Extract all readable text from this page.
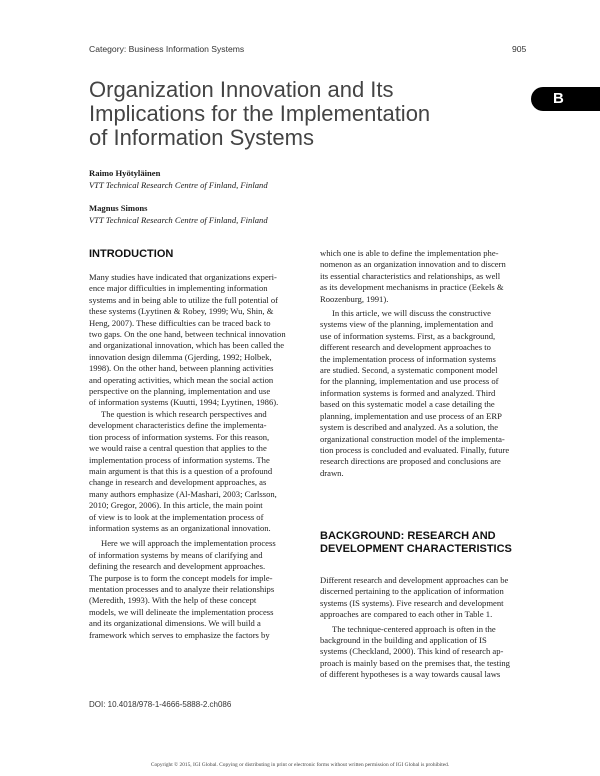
Category: Business Information Systems	905
Organization Innovation and Its
Implications for the Implementation
of Information Systems
B
Raimo Hyötyläinen
VTT Technical Research Centre of Finland, Finland
Magnus Simons
VTT Technical Research Centre of Finland, Finland
INTRODUCTION
Many studies have indicated that organizations experi-
ence major difficulties in implementing information
systems and in being able to utilize the full potential of
these systems (Lyytinen & Robey, 1999; Wu, Shin, &
Heng, 2007). These difficulties can be traced back to
two gaps. On the one hand, between technical innovation
and organizational innovation, which has been called the
innovation design dilemma (Gjerding, 1992; Holbek,
1998). On the other hand, between planning activities
and operating activities, which mean the social action
perspective on the planning, implementation and use
of information systems (Kuutti, 1994; Lyytinen, 1986).
The question is which research perspectives and
development characteristics define the implementa-
tion process of information systems. For this reason,
we would raise a central question that applies to the
implementation process of information systems. The
main argument is that this is a question of a profound
change in research and development approaches, as
many authors emphasize (Al-Mashari, 2003; Carlsson,
2010; Gregor, 2006). In this article, the main point
of view is to look at the implementation process of
information systems as an organizational innovation.
Here we will approach the implementation process
of information systems by means of clarifying and
defining the research and development approaches.
The purpose is to form the concept models for imple-
mentation processes and to analyze their relationships
(Meredith, 1993). With the help of these concept
models, we will delineate the implementation process
and its organizational dimensions. We will build a
framework which serves to emphasize the factors by
which one is able to define the implementation phe-
nomenon as an organization innovation and to discern
its essential characteristics and relationships, as well
as its development mechanisms in practice (Eekels &
Roozenburg, 1991).
In this article, we will discuss the constructive
systems view of the planning, implementation and
use of information systems. First, as a background,
different research and development approaches to
the implementation process of information systems
are studied. Second, a systematic component model
for the planning, implementation and use process of
information systems is formed and analyzed. Third
based on this systematic model a case detailing the
planning, implementation and use process of an ERP
system is described and analyzed. As a solution, the
organizational construction model of the implementa-
tion process is concluded and evaluated. Finally, future
research directions are proposed and conclusions are
drawn.
BACKGROUND: RESEARCH AND
DEVELOPMENT CHARACTERISTICS
Different research and development approaches can be
discerned pertaining to the application of information
systems (IS systems). Five research and development
approaches are compared to each other in Table 1.
The technique-centered approach is often in the
background in the building and application of IS
systems (Checkland, 2000). This kind of research ap-
proach is mainly based on the premises that, the testing
of different hypotheses is a way towards causal laws
DOI: 10.4018/978-1-4666-5888-2.ch086
Copyright © 2015, IGI Global. Copying or distributing in print or electronic forms without written permission of IGI Global is prohibited.
